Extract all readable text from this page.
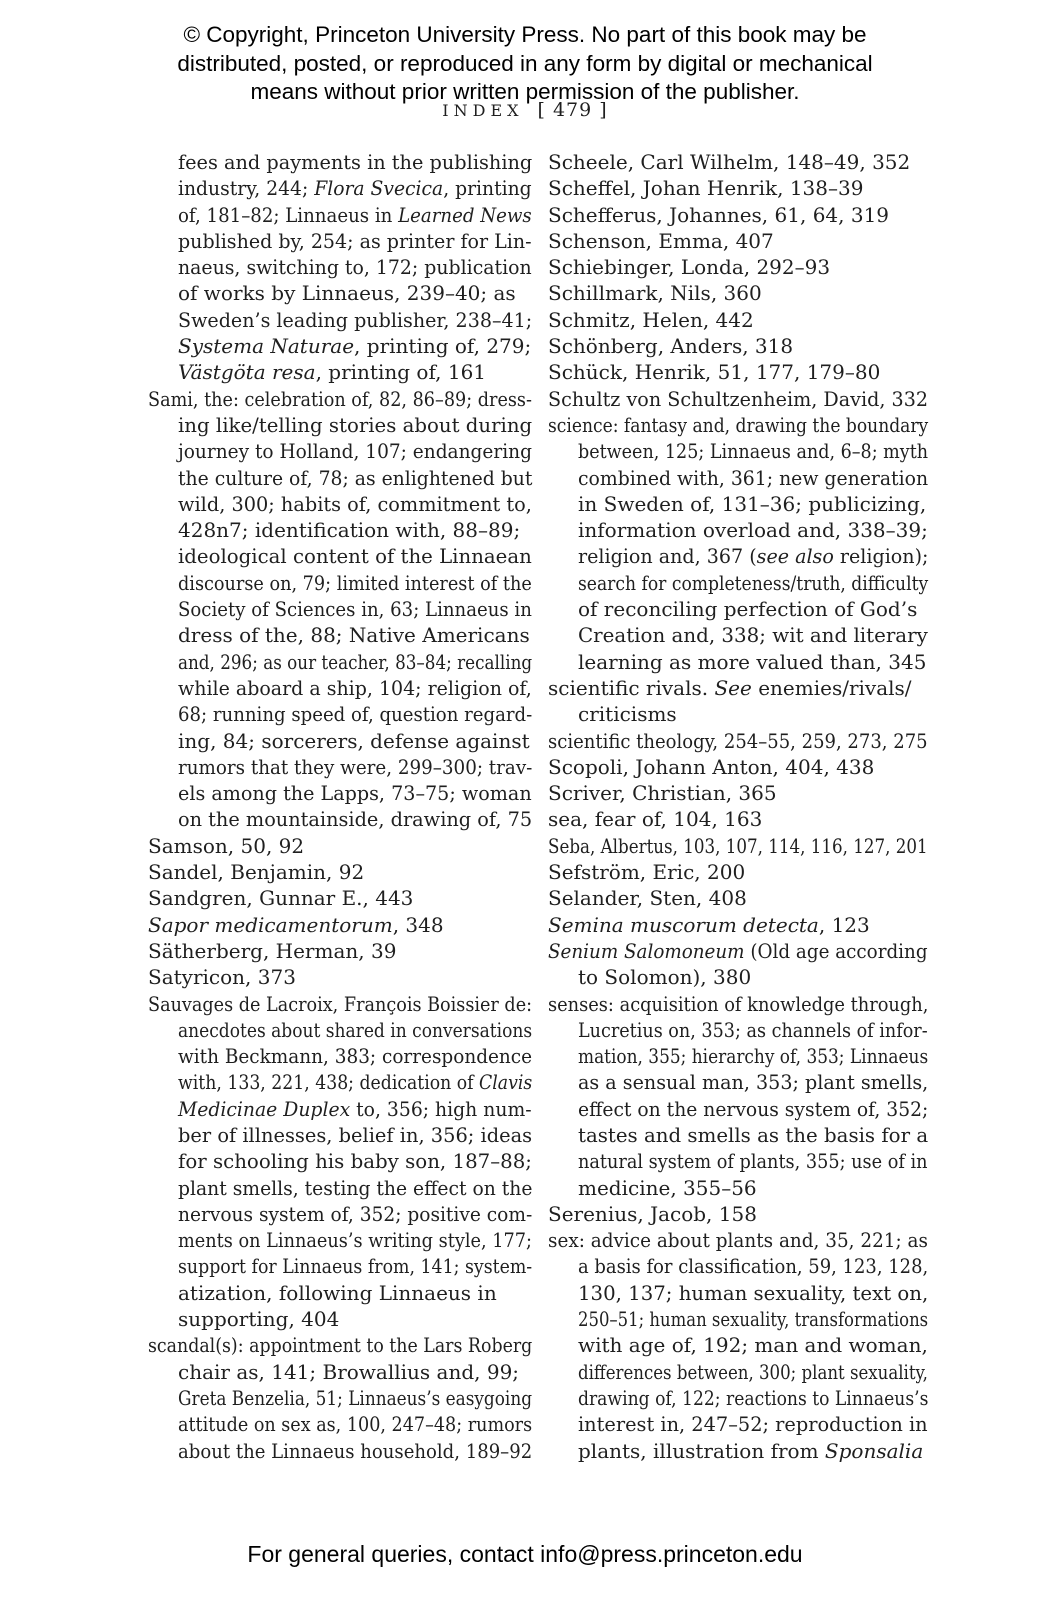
© Copyright, Princeton University Press. No part of this book may be
distributed, posted, or reproduced in any form by digital or mechanical
means without prior written permission of the publisher.
INDEX [ 479 ]
fees and payments in the publishing
industry, 244; Flora Svecica, printing
of, 181–82; Linnaeus in Learned News
published by, 254; as printer for Lin-
naeus, switching to, 172; publication
of works by Linnaeus, 239–40; as
Sweden’s leading publisher, 238–41;
Systema Naturae, printing of, 279;
Västgöta resa, printing of, 161
Sami, the: celebration of, 82, 86–89; dress-
ing like/telling stories about during
journey to Holland, 107; endangering
the culture of, 78; as enlightened but
wild, 300; habits of, commitment to,
428n7; identification with, 88–89;
ideological content of the Linnaean
discourse on, 79; limited interest of the
Society of Sciences in, 63; Linnaeus in
dress of the, 88; Native Americans
and, 296; as our teacher, 83–84; recalling
while aboard a ship, 104; religion of,
68; running speed of, question regard-
ing, 84; sorcerers, defense against
rumors that they were, 299–300; trav-
els among the Lapps, 73–75; woman
on the mountainside, drawing of, 75
Samson, 50, 92
Sandel, Benjamin, 92
Sandgren, Gunnar E., 443
Sapor medicamentorum, 348
Sätherberg, Herman, 39
Satyricon, 373
Sauvages de Lacroix, François Boissier de:
anecdotes about shared in conversations
with Beckmann, 383; correspondence
with, 133, 221, 438; dedication of Clavis
Medicinae Duplex to, 356; high num-
ber of illnesses, belief in, 356; ideas
for schooling his baby son, 187–88;
plant smells, testing the effect on the
nervous system of, 352; positive com-
ments on Linnaeus’s writing style, 177;
support for Linnaeus from, 141; system-
atization, following Linnaeus in
supporting, 404
scandal(s): appointment to the Lars Roberg
chair as, 141; Browallius and, 99;
Greta Benzelia, 51; Linnaeus’s easygoing
attitude on sex as, 100, 247–48; rumors
about the Linnaeus household, 189–92
Scheele, Carl Wilhelm, 148–49, 352
Scheffel, Johan Henrik, 138–39
Schefferus, Johannes, 61, 64, 319
Schenson, Emma, 407
Schiebinger, Londa, 292–93
Schillmark, Nils, 360
Schmitz, Helen, 442
Schönberg, Anders, 318
Schück, Henrik, 51, 177, 179–80
Schultz von Schultzenheim, David, 332
science: fantasy and, drawing the boundary
between, 125; Linnaeus and, 6–8; myth
combined with, 361; new generation
in Sweden of, 131–36; publicizing,
information overload and, 338–39;
religion and, 367 (see also religion);
search for completeness/truth, difficulty
of reconciling perfection of God’s
Creation and, 338; wit and literary
learning as more valued than, 345
scientific rivals. See enemies/rivals/
criticisms
scientific theology, 254–55, 259, 273, 275
Scopoli, Johann Anton, 404, 438
Scriver, Christian, 365
sea, fear of, 104, 163
Seba, Albertus, 103, 107, 114, 116, 127, 201
Sefström, Eric, 200
Selander, Sten, 408
Semina muscorum detecta, 123
Senium Salomoneum (Old age according
to Solomon), 380
senses: acquisition of knowledge through,
Lucretius on, 353; as channels of infor-
mation, 355; hierarchy of, 353; Linnaeus
as a sensual man, 353; plant smells,
effect on the nervous system of, 352;
tastes and smells as the basis for a
natural system of plants, 355; use of in
medicine, 355–56
Serenius, Jacob, 158
sex: advice about plants and, 35, 221; as
a basis for classification, 59, 123, 128,
130, 137; human sexuality, text on,
250–51; human sexuality, transformations
with age of, 192; man and woman,
differences between, 300; plant sexuality,
drawing of, 122; reactions to Linnaeus’s
interest in, 247–52; reproduction in
plants, illustration from Sponsalia
For general queries, contact info@press.princeton.edu
